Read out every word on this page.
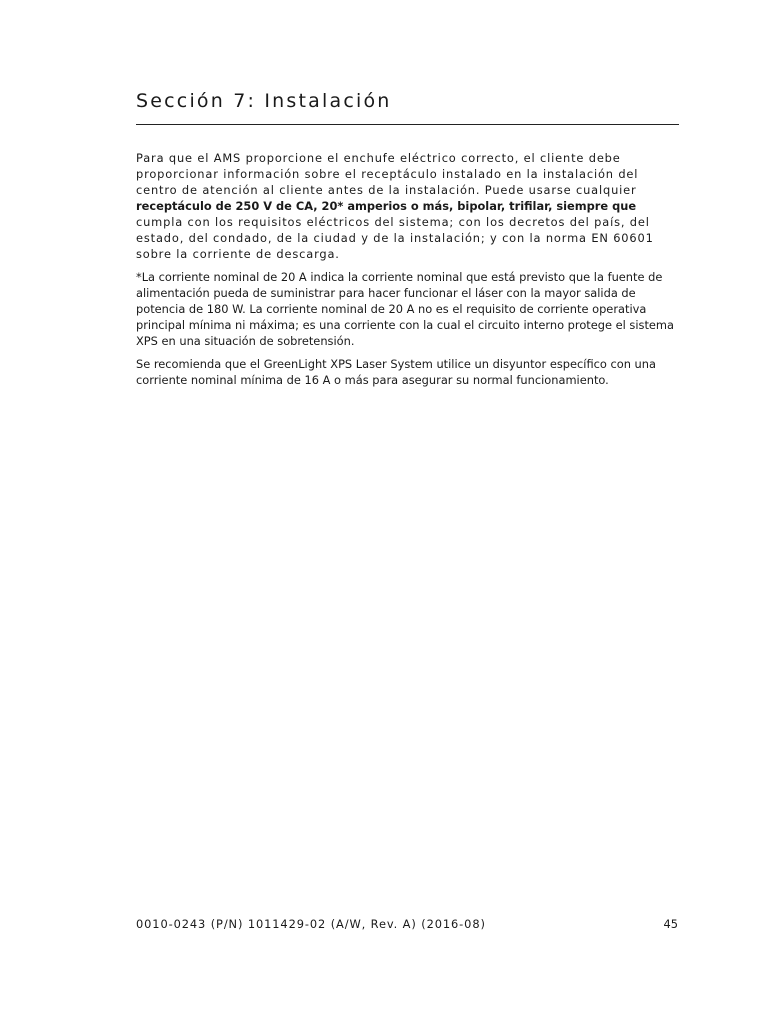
Sección 7: Instalación

Para que el AMS proporcione el enchufe eléctrico correcto, el cliente debe proporcionar información sobre el receptáculo instalado en la instalación del centro de atención al cliente antes de la instalación. Puede usarse cualquier receptáculo de 250 V de CA, 20* amperios o más, bipolar, trifilar, siempre que cumpla con los requisitos eléctricos del sistema; con los decretos del país, del estado, del condado, de la ciudad y de la instalación; y con la norma EN 60601 sobre la corriente de descarga.

*La corriente nominal de 20 A indica la corriente nominal que está previsto que la fuente de alimentación pueda de suministrar para hacer funcionar el láser con la mayor salida de potencia de 180 W. La corriente nominal de 20 A no es el requisito de corriente operativa principal mínima ni máxima; es una corriente con la cual el circuito interno protege el sistema XPS en una situación de sobretensión.

Se recomienda que el GreenLight XPS Laser System utilice un disyuntor específico con una corriente nominal mínima de 16 A o más para asegurar su normal funcionamiento.

0010-0243 (P/N) 1011429-02 (A/W, Rev. A) (2016-08)	45
